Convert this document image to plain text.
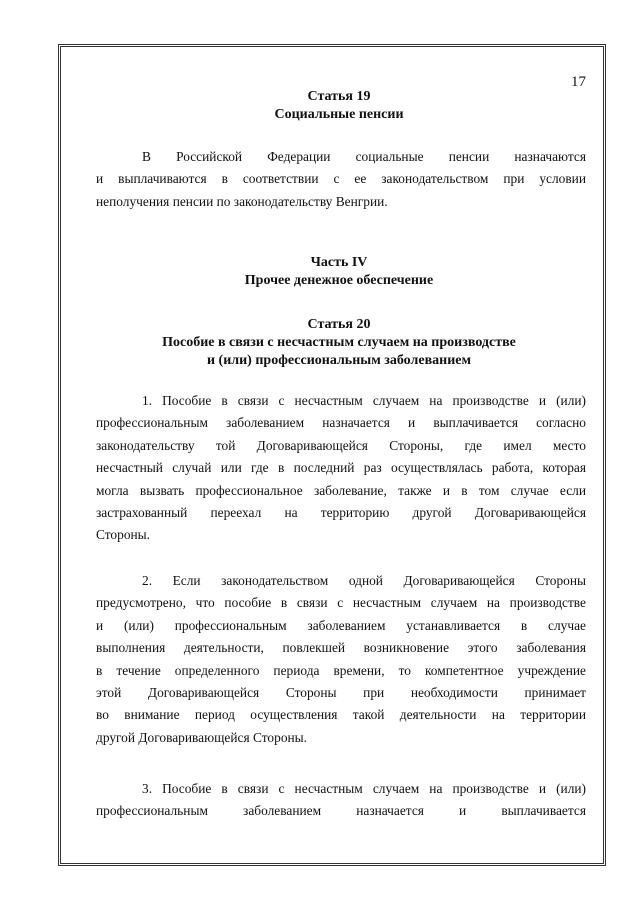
17
Статья 19
Социальные пенсии
В Российской Федерации социальные пенсии назначаются
и выплачиваются в соответствии с ее законодательством при условии
неполучения пенсии по законодательству Венгрии.
Часть IV
Прочее денежное обеспечение
Статья 20
Пособие в связи с несчастным случаем на производстве
и (или) профессиональным заболеванием
1. Пособие в связи с несчастным случаем на производстве и (или)
профессиональным заболеванием назначается и выплачивается согласно
законодательству той Договаривающейся Стороны, где имел место
несчастный случай или где в последний раз осуществлялась работа, которая
могла вызвать профессиональное заболевание, также и в том случае если
застрахованный переехал на территорию другой Договаривающейся
Стороны.
2. Если законодательством одной Договаривающейся Стороны
предусмотрено, что пособие в связи с несчастным случаем на производстве
и (или) профессиональным заболеванием устанавливается в случае
выполнения деятельности, повлекшей возникновение этого заболевания
в течение определенного периода времени, то компетентное учреждение
этой Договаривающейся Стороны при необходимости принимает
во внимание период осуществления такой деятельности на территории
другой Договаривающейся Стороны.
3. Пособие в связи с несчастным случаем на производстве и (или)
профессиональным заболеванием назначается и выплачивается
